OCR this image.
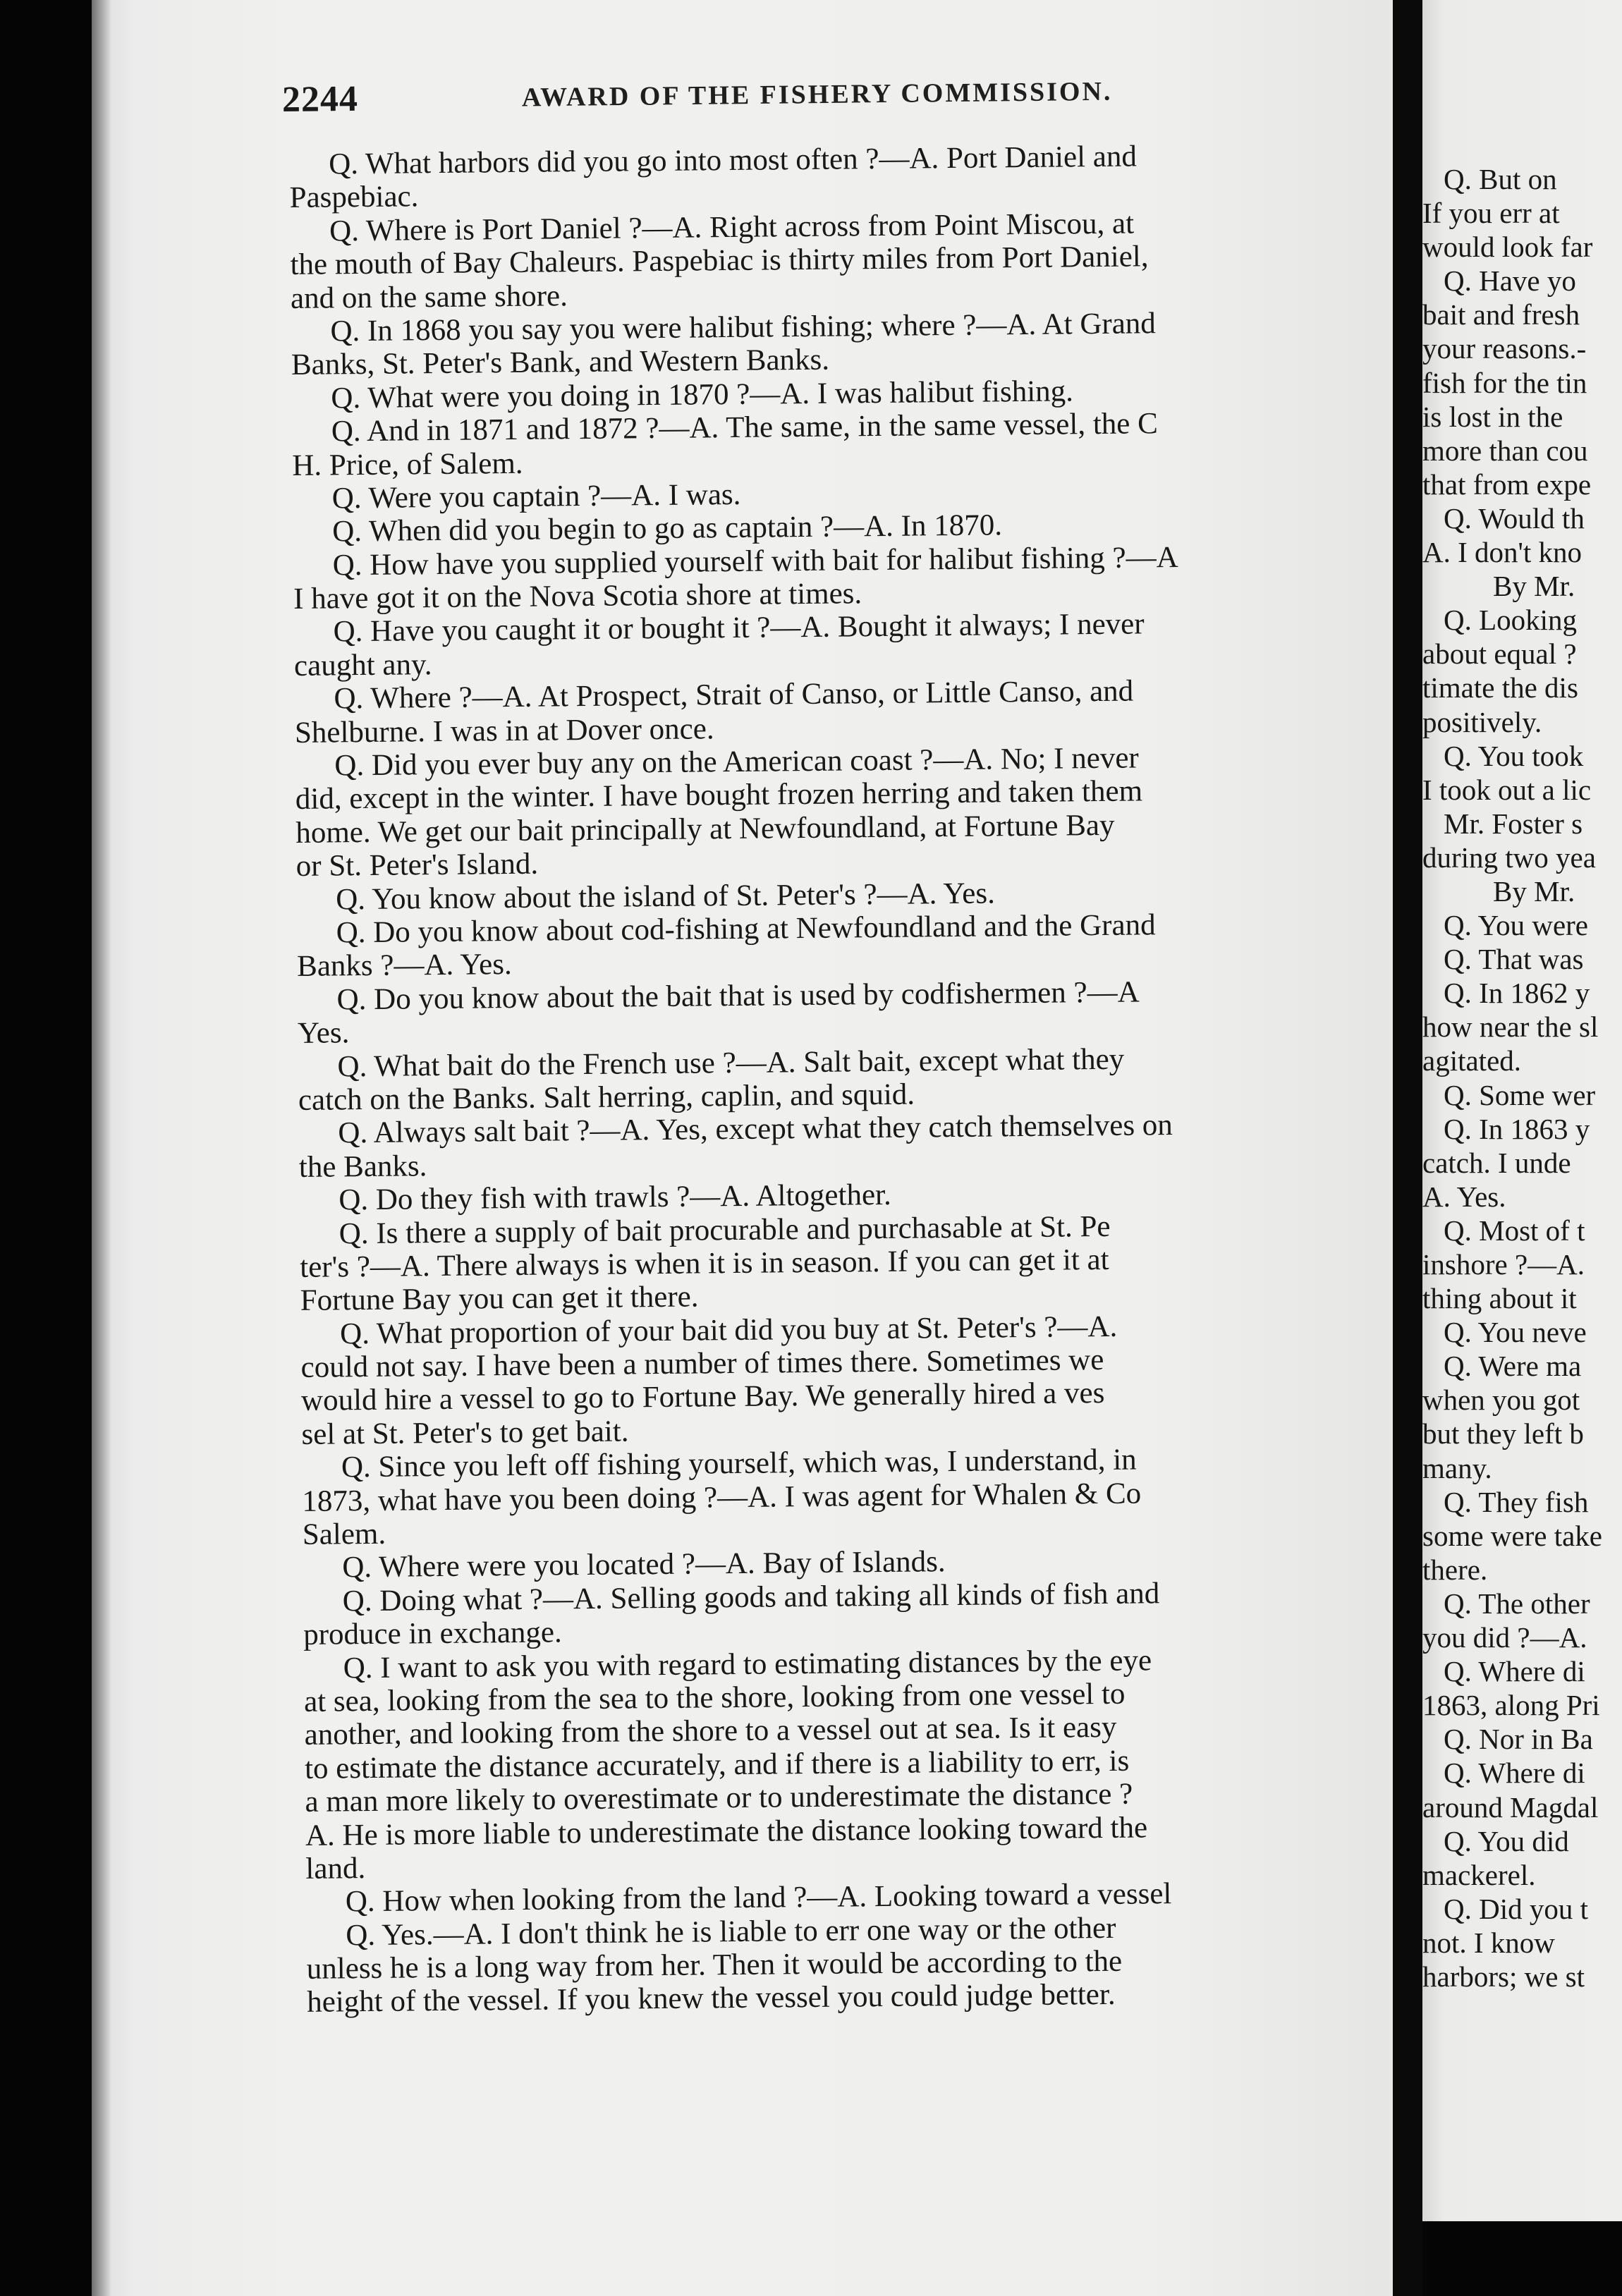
2244	AWARD OF THE FISHERY COMMISSION.
Q. What harbors did you go into most often ?—A. Port Daniel and
Paspebiac.
Q. Where is Port Daniel ?—A. Right across from Point Miscou, at
the mouth of Bay Chaleurs. Paspebiac is thirty miles from Port Daniel,
and on the same shore.
Q. In 1868 you say you were halibut fishing; where ?—A. At Grand
Banks, St. Peter's Bank, and Western Banks.
Q. What were you doing in 1870 ?—A. I was halibut fishing.
Q. And in 1871 and 1872 ?—A. The same, in the same vessel, the C
H. Price, of Salem.
Q. Were you captain ?—A. I was.
Q. When did you begin to go as captain ?—A. In 1870.
Q. How have you supplied yourself with bait for halibut fishing ?—A
I have got it on the Nova Scotia shore at times.
Q. Have you caught it or bought it ?—A. Bought it always; I never
caught any.
Q. Where ?—A. At Prospect, Strait of Canso, or Little Canso, and
Shelburne. I was in at Dover once.
Q. Did you ever buy any on the American coast ?—A. No; I never
did, except in the winter. I have bought frozen herring and taken them
home. We get our bait principally at Newfoundland, at Fortune Bay
or St. Peter's Island.
Q. You know about the island of St. Peter's ?—A. Yes.
Q. Do you know about cod-fishing at Newfoundland and the Grand
Banks ?—A. Yes.
Q. Do you know about the bait that is used by codfishermen ?—A
Yes.
Q. What bait do the French use ?—A. Salt bait, except what they
catch on the Banks. Salt herring, caplin, and squid.
Q. Always salt bait ?—A. Yes, except what they catch themselves on
the Banks.
Q. Do they fish with trawls ?—A. Altogether.
Q. Is there a supply of bait procurable and purchasable at St. Pe
ter's ?—A. There always is when it is in season. If you can get it at
Fortune Bay you can get it there.
Q. What proportion of your bait did you buy at St. Peter's ?—A.
could not say. I have been a number of times there. Sometimes we
would hire a vessel to go to Fortune Bay. We generally hired a ves
sel at St. Peter's to get bait.
Q. Since you left off fishing yourself, which was, I understand, in
1873, what have you been doing ?—A. I was agent for Whalen & Co
Salem.
Q. Where were you located ?—A. Bay of Islands.
Q. Doing what ?—A. Selling goods and taking all kinds of fish and
produce in exchange.
Q. I want to ask you with regard to estimating distances by the eye
at sea, looking from the sea to the shore, looking from one vessel to
another, and looking from the shore to a vessel out at sea. Is it easy
to estimate the distance accurately, and if there is a liability to err, is
a man more likely to overestimate or to underestimate the distance ?
A. He is more liable to underestimate the distance looking toward the
land.
Q. How when looking from the land ?—A. Looking toward a vessel
Q. Yes.—A. I don't think he is liable to err one way or the other
unless he is a long way from her. Then it would be according to the
height of the vessel. If you knew the vessel you could judge better.
Q. But on
If you err at
would look far
Q. Have yo
bait and fresh
your reasons.-
fish for the tin
is lost in the
more than cou
that from expe
Q. Would th
A. I don't kno
By Mr.
Q. Looking
about equal ?
timate the dis
positively.
Q. You took
I took out a lic
Mr. Foster s
during two yea
By Mr.
Q. You were
Q. That was
Q. In 1862 y
how near the sl
agitated.
Q. Some wer
Q. In 1863 y
catch. I unde
A. Yes.
Q. Most of t
inshore ?—A.
thing about it
Q. You neve
Q. Were ma
when you got
but they left b
many.
Q. They fish
some were take
there.
Q. The other
you did ?—A.
Q. Where di
1863, along Pri
Q. Nor in Ba
Q. Where di
around Magdal
Q. You did
mackerel.
Q. Did you t
not. I know
harbors; we st
